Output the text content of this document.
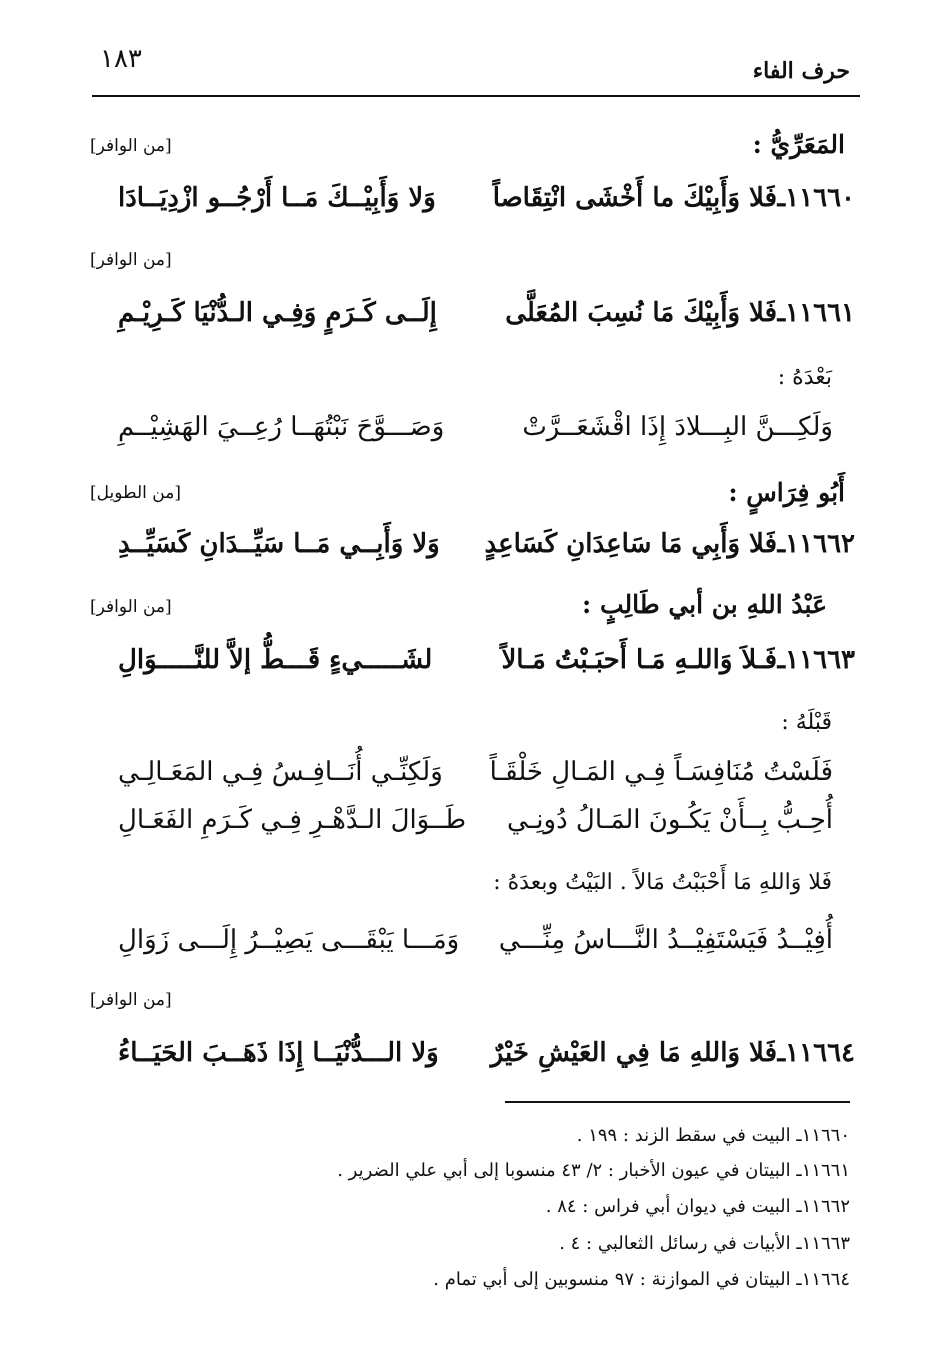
١٨٣	حرف الفاء
المَعَرِّيُّ :
[من الوافر]
١١٦٦٠ـ
فَلا وَأَبِيْكَ ما أَخْشَى انْتِقَاصاً
وَلا وَأَبِيْــكَ مَــا أَرْجُــو ازْدِيَــادَا
[من الوافر]
١١٦٦١ـ
فَلا وَأَبِيْكَ مَا نُسِبَ المُعَلَّى
إِلَــى كَـرَمٍ وَفِـي الـدُّنْيَا كَـرِيْـمِ
بَعْدَهُ :
وَلَكِـــنَّ البِـــلادَ إِذَا اقْشَعَــرَّتْ
وَصَـــوَّحَ نَبْتُهَــا رُعِــيَ الهَشِيْــمِ
أَبُو فِرَاسٍ :
[من الطويل]
١١٦٦٢ـ
فَلا وَأَبِي مَا سَاعِدَانِ كَسَاعِدٍ
وَلا وَأَبِــي مَــا سَيِّــدَانِ كَسَيِّــدِ
عَبْدُ اللهِ بن أبي طَالِبٍ :
[من الوافر]
١١٦٦٣ـ
فَـلاَ وَاللـهِ مَـا أَحبَـبْتُ مَـالاً
لشَـــــيءٍ قَـــطُّ إلاَّ للنَّـــــوَالِ
قَبْلَهُ :
فَلَسْتُ مُنَافِسَـاً فِـي المَـالِ خَلْقَـاً
وَلَكِنِّـي أُنَــافِـسُ فِـي المَعَـالِـي
أُحِـبُّ بِــأَنْ يَكُـونَ المَـالُ دُونِـي
طَــوَالَ الـدَّهْـرِ فِـي كَـرَمِ الفَعَـالِ
فَلا وَاللهِ مَا أَحْبَبْتُ مَالاً . البَيْتُ وبعدَهُ :
أُفِيْــدُ فَيَسْتَفِيْــدُ النَّـــاسُ مِنِّـــي
وَمَـــا يَبْقَـــى يَصِيْــرُ إِلَـــى زَوَالِ
[من الوافر]
١١٦٦٤ـ
فَلا وَاللهِ مَا فِي العَيْشِ خَيْرٌ
وَلا الـــدُّنْيَــا إِذَا ذَهَــبَ الحَيَــاءُ
١١٦٦٠ـ البيت في سقط الزند : ١٩٩ .
١١٦٦١ـ البيتان في عيون الأخبار : ٢/ ٤٣ منسوبا إلى أبي علي الضرير .
١١٦٦٢ـ البيت في ديوان أبي فراس : ٨٤ .
١١٦٦٣ـ الأبيات في رسائل الثعالبي : ٤ .
١١٦٦٤ـ البيتان في الموازنة : ٩٧ منسوبين إلى أبي تمام .
